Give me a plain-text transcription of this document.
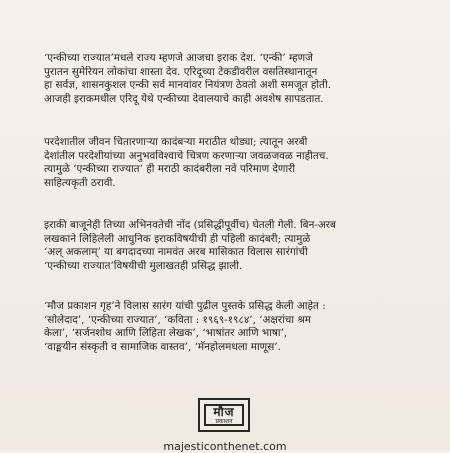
‘एन्कीच्या राज्यात’मधले राज्य म्हणजे आजचा इराक देश. ‘एन्की’ म्हणजे
पुरातन सुमेरियन लोकांचा शास्ता देव. एरिदूच्या टेकडीवरील वसतिस्थानातून
हा सर्वज्ञ, शासनकुशल एन्की सर्व मानवांवर नियंत्रण ठेवतो अशी समजूत होती.
आजही इराकमधील एरिदू येथे एन्कीच्या देवालयाचे काही अवशेष सापडतात.
परदेशातील जीवन चितारणाऱ्या कादंबऱ्या मराठीत थोड्या; त्यातून अरबी
देशांतील परदेशीयांच्या अनुभवविश्वाचे चित्रण करणाऱ्या जवळजवळ नाहीतच.
त्यामुळे ‘एन्कीच्या राज्यात’ ही मराठी कादंबरीला नवे परिमाण देणारी
साहित्यकृती ठरावी.
इराकी बाजूनेही तिच्या अभिनवतेची नोंद (प्रसिद्धीपूर्वीच) घेतली गेली. बिन-अरब
लखकाने लिहिलेली आधुनिक इराकविषयीची ही पहिली कादंबरी; त्यामुळे
‘अल् अकलाम्’ या बगदादच्या नामवंत अरब मासिकात विलास सारंगांची
‘एन्कीच्या राज्यात’विषयीची मुलाखतही प्रसिद्ध झाली.
‘मौज प्रकाशन गृह’ने विलास सारंग यांची पुढील पुस्तके प्रसिद्ध केली आहेत :
‘सोलेदाद’, ‘एन्कीच्या राज्यात’, ‘कविता : १९६९-१९८४’, ‘अक्षरांचा श्रम
केला’, ‘सर्जनशोध आणि लिहिता लेखक’, ‘भाषांतर आणि भाषा’,
‘वाङ्मयीन संस्कृती व सामाजिक वास्तव’, ‘मॅनहोलमधला माणूस’.
मौज
प्रकाशन
majesticonthenet.com
